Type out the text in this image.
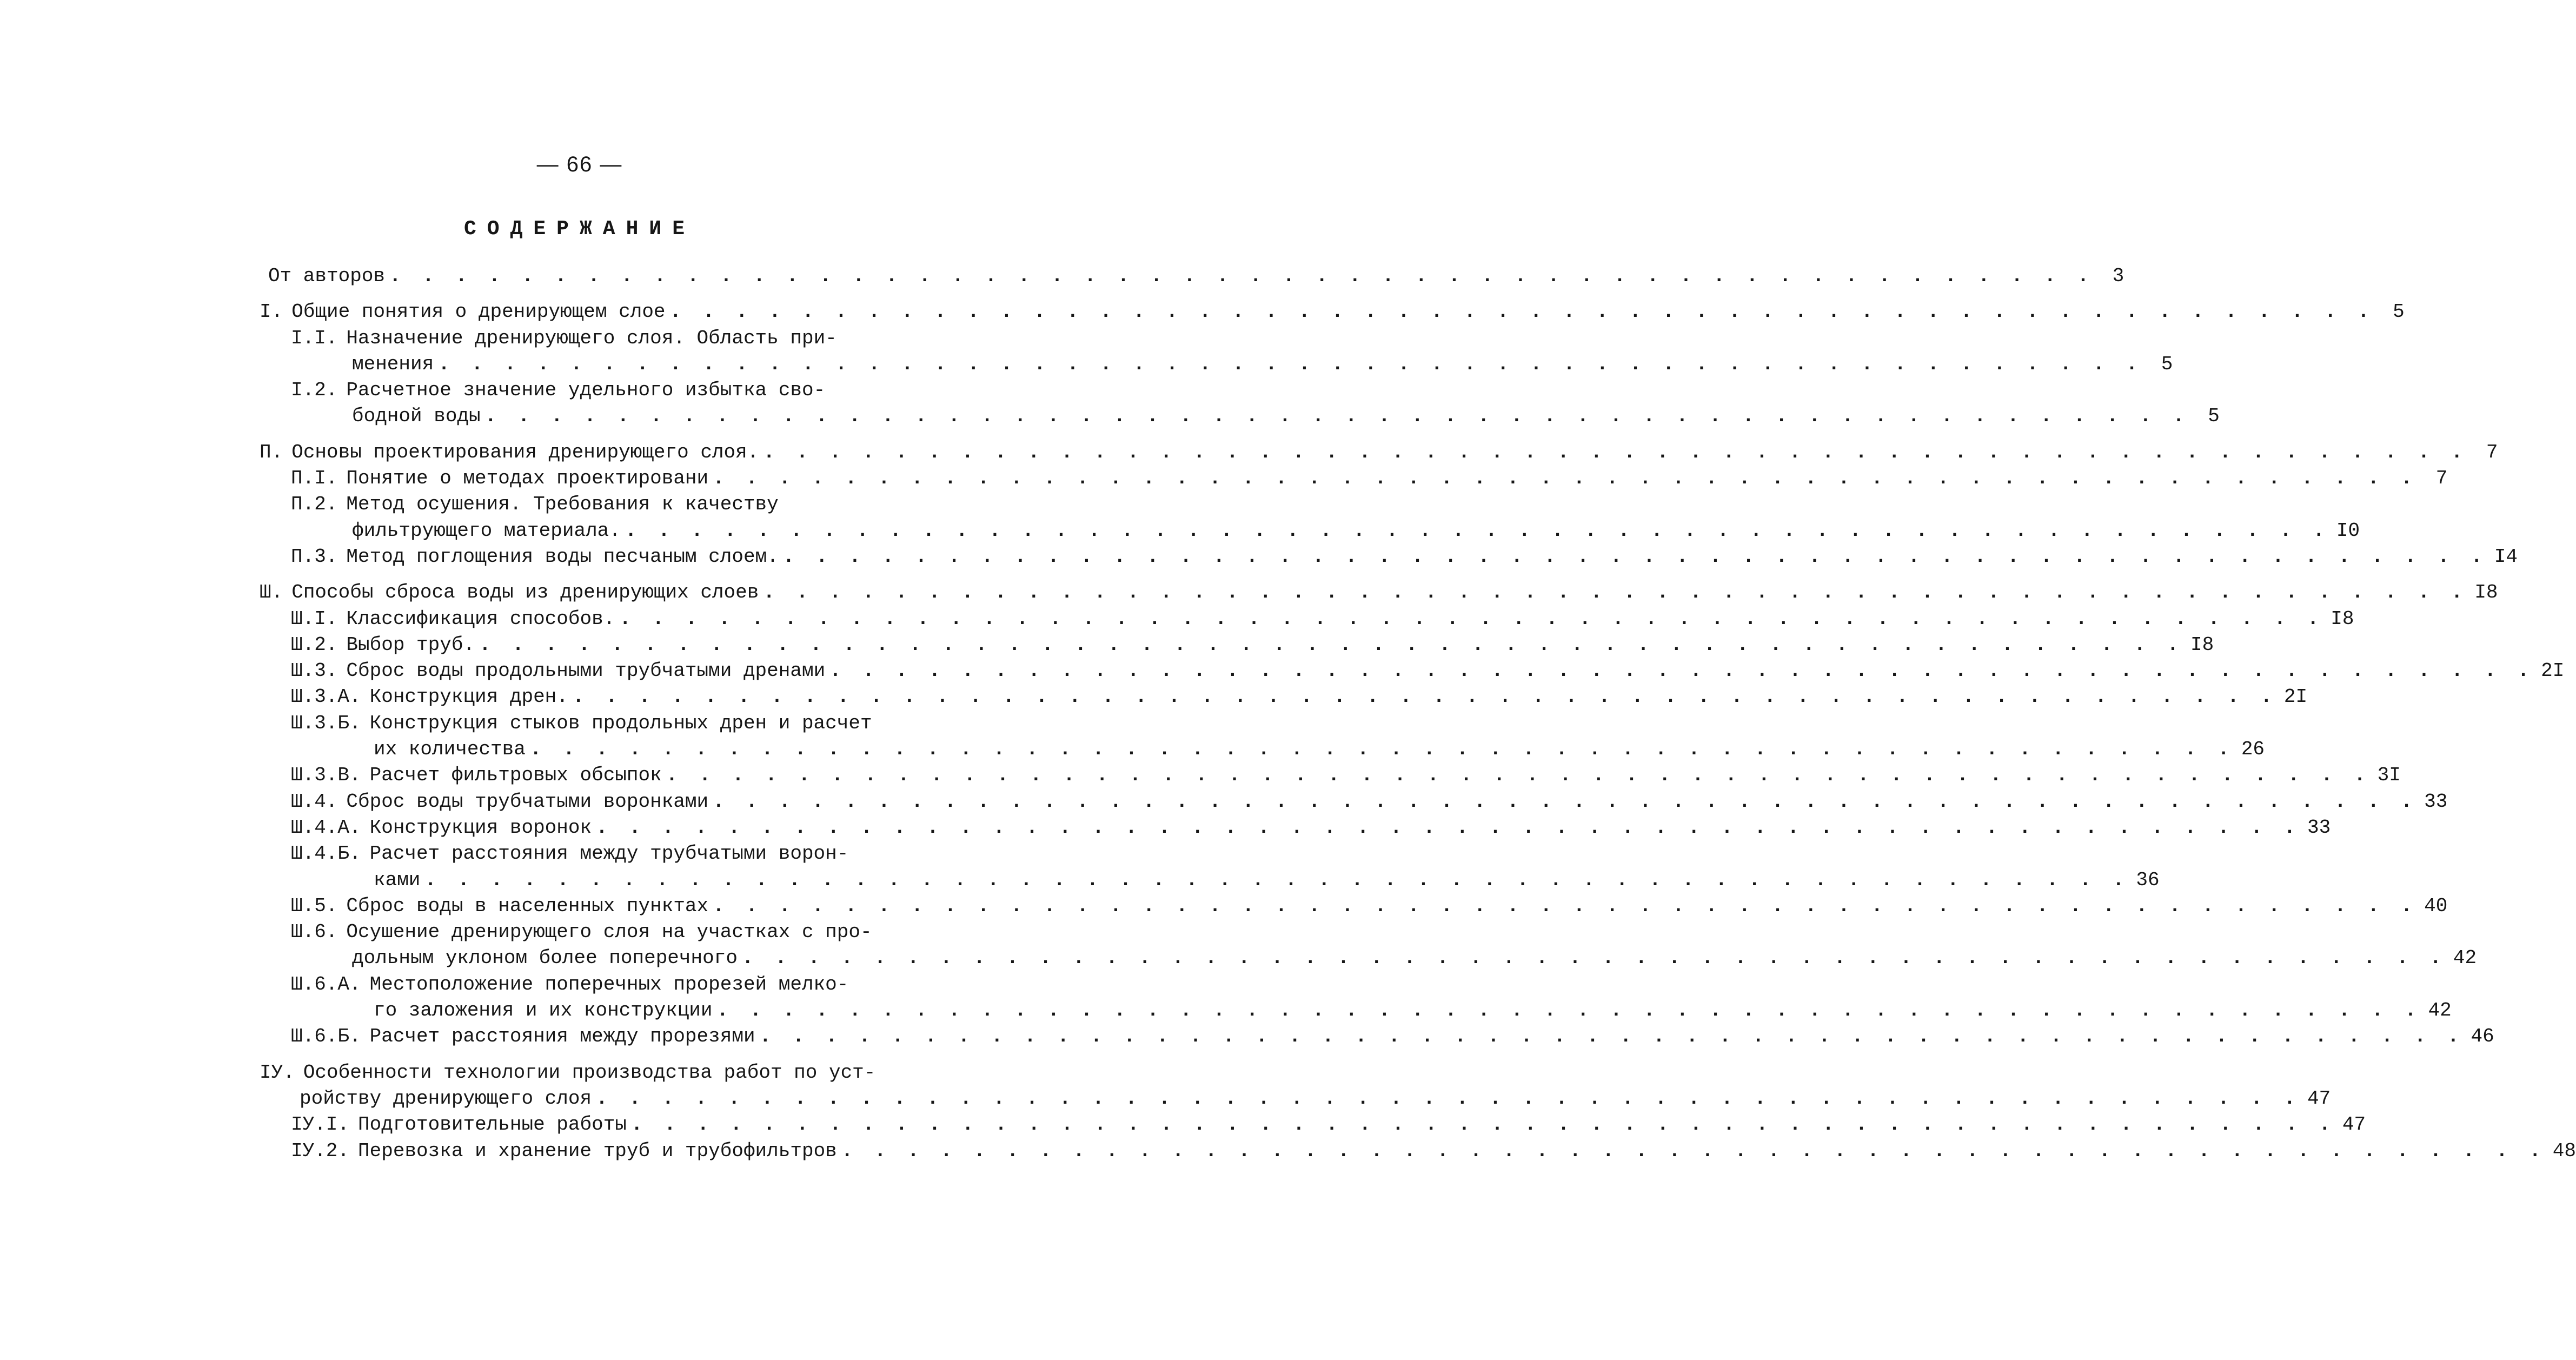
— 66 —
СОДЕРЖАНИЕ
От авторов . . .	3
I. Общие понятия о дренирующем слое . . .	5
I.I. Назначение дренирующего слоя. Область при-
менения . . .	5
I.2. Расчетное значение удельного избытка сво-
бодной воды . . .	5
П. Основы проектирования дренирующего слоя. . . .	7
П.I. Понятие о методах проектировани . . .	7
П.2. Метод осушения. Требования к качеству
фильтрующего материала. . . .	I0
П.3. Метод поглощения воды песчаным слоем. . . .	I4
Ш. Способы сброса воды из дренирующих слоев . . .	I8
Ш.I. Классификация способов. . . .	I8
Ш.2. Выбор труб. . . .	I8
Ш.3. Сброс воды продольными трубчатыми дренами . . .	2I
Ш.3.А. Конструкция дрен. . . .	2I
Ш.3.Б. Конструкция стыков продольных дрен и расчет
их количества . . .	26
Ш.3.В. Расчет фильтровых обсыпок . . .	3I
Ш.4. Сброс воды трубчатыми воронками . . .	33
Ш.4.А. Конструкция воронок . . .	33
Ш.4.Б. Расчет расстояния между трубчатыми ворон-
ками . . .	36
Ш.5. Сброс воды в населенных пунктах . . .	40
Ш.6. Осушение дренирующего слоя на участках с про-
дольным уклоном более поперечного . . .	42
Ш.6.А. Местоположение поперечных прорезей мелко-
го заложения и их конструкции . . .	42
Ш.6.Б. Расчет расстояния между прорезями . . .	46
IУ. Особенности технологии производства работ по уст-
ройству дренирующего слоя . . .	47
IУ.I. Подготовительные работы . . .	47
IУ.2. Перевозка и хранение труб и трубофильтров . . .	48
